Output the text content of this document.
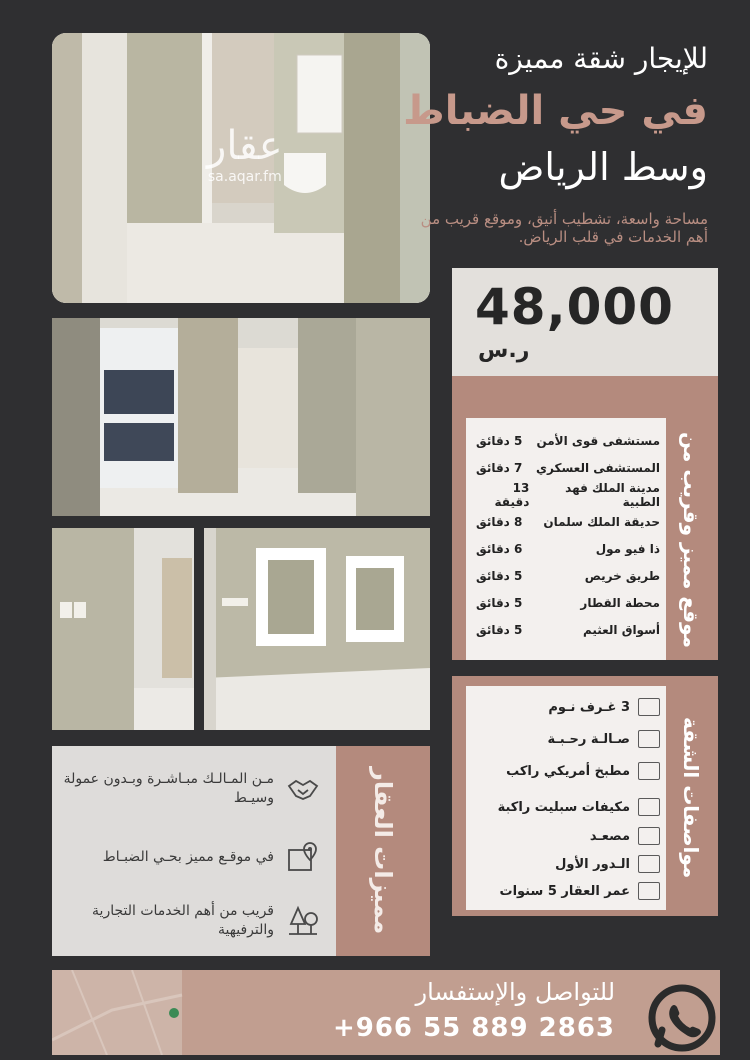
عقار
sa.aqar.fm
للإيجار شقة مميزة
في حي الضباط
وسط الرياض
مساحة واسعة، تشطيب أنيق، وموقع قريب من أهم الخدمات في قلب الرياض.
48,000
ر.س
موقع مميز وقريب من
مستشفى قوى الأمن
5 دقائق
المستشفى العسكري
7 دقائق
مدينة الملك فهد الطبية
13 دقيقة
حديقة الملك سلمان
8 دقائق
ذا فيو مول
6 دقائق
طريق خريص
5 دقائق
محطة القطار
5 دقائق
أسواق العثيم
5 دقائق
مواصفات الشقة
3 غـرف نـوم
صـالـة رحـبـة
مطبخ أمريكي راكب
مكيفات سبليت راكبة
مصعـد
الـدور الأول
عمر العقار 5 سنوات
مميزات العقار
مـن المـالـك مبـاشـرة وبـدون عمولة وسيـط
في موقـع مميز بحـي الضبـاط
قريب من أهم الخدمات التجارية والترفيهية
للتواصل والإستفسار
+966 55 889 2863
